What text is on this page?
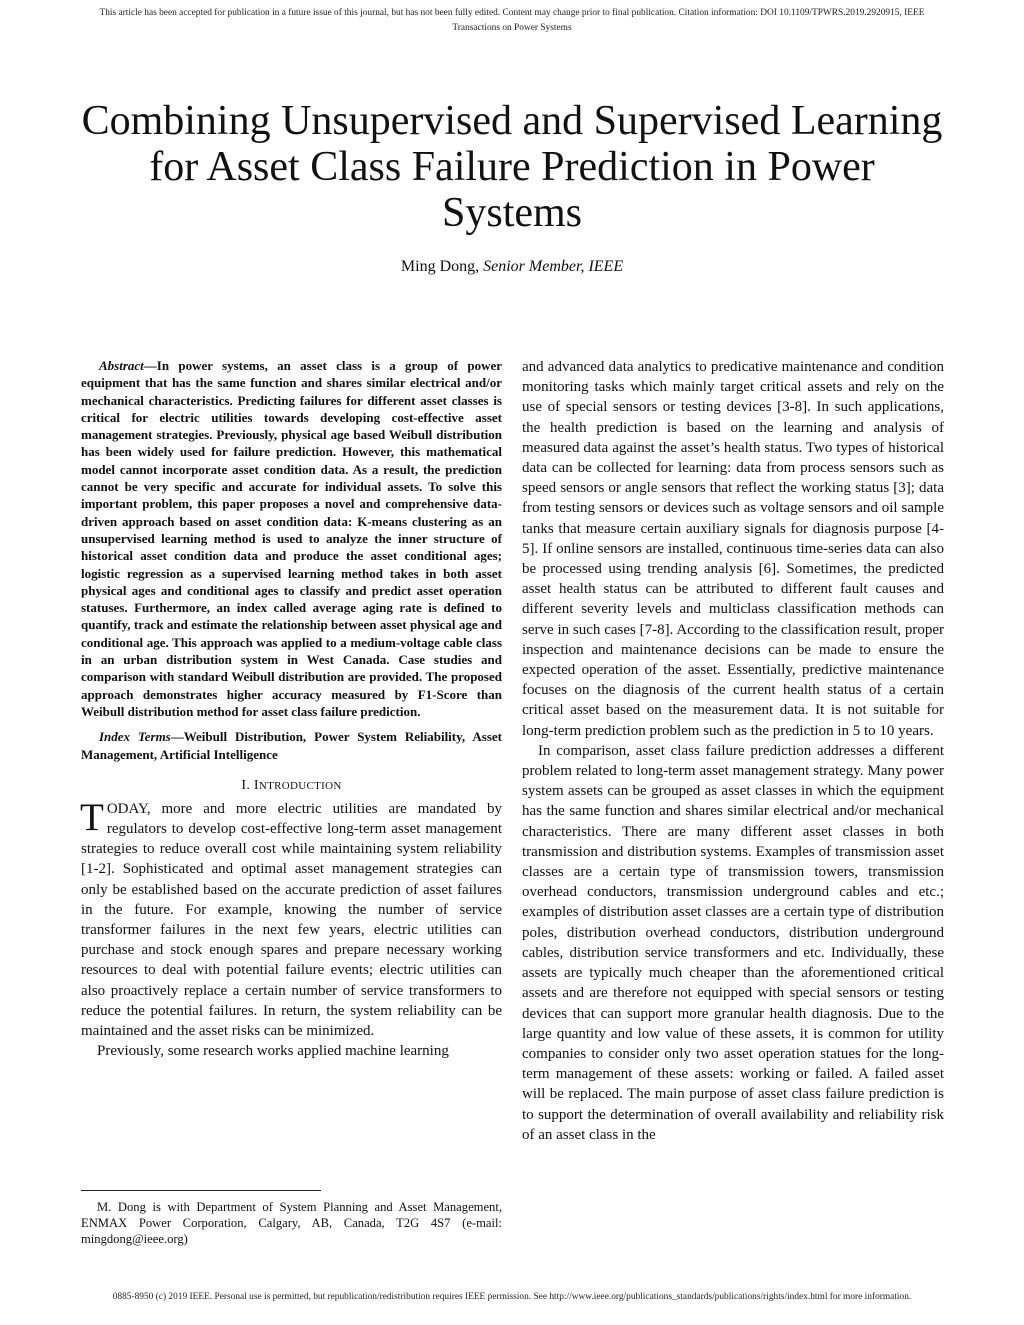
This article has been accepted for publication in a future issue of this journal, but has not been fully edited. Content may change prior to final publication. Citation information: DOI 10.1109/TPWRS.2019.2920915, IEEE
Transactions on Power Systems
Combining Unsupervised and Supervised Learning for Asset Class Failure Prediction in Power Systems
Ming Dong, Senior Member, IEEE

Abstract—In power systems, an asset class is a group of power equipment that has the same function and shares similar electrical and/or mechanical characteristics. Predicting failures for different asset classes is critical for electric utilities towards developing cost-effective asset management strategies. Previously, physical age based Weibull distribution has been widely used for failure prediction. However, this mathematical model cannot incorporate asset condition data. As a result, the prediction cannot be very specific and accurate for individual assets. To solve this important problem, this paper proposes a novel and comprehensive data-driven approach based on asset condition data: K-means clustering as an unsupervised learning method is used to analyze the inner structure of historical asset condition data and produce the asset conditional ages; logistic regression as a supervised learning method takes in both asset physical ages and conditional ages to classify and predict asset operation statuses. Furthermore, an index called average aging rate is defined to quantify, track and estimate the relationship between asset physical age and conditional age. This approach was applied to a medium-voltage cable class in an urban distribution system in West Canada. Case studies and comparison with standard Weibull distribution are provided. The proposed approach demonstrates higher accuracy measured by F1-Score than Weibull distribution method for asset class failure prediction.

Index Terms—Weibull Distribution, Power System Reliability, Asset Management, Artificial Intelligence

I. INTRODUCTION

TODAY, more and more electric utilities are mandated by regulators to develop cost-effective long-term asset management strategies to reduce overall cost while maintaining system reliability [1-2]. Sophisticated and optimal asset management strategies can only be established based on the accurate prediction of asset failures in the future. For example, knowing the number of service transformer failures in the next few years, electric utilities can purchase and stock enough spares and prepare necessary working resources to deal with potential failure events; electric utilities can also proactively replace a certain number of service transformers to reduce the potential failures. In return, the system reliability can be maintained and the asset risks can be minimized.

Previously, some research works applied machine learning

and advanced data analytics to predicative maintenance and condition monitoring tasks which mainly target critical assets and rely on the use of special sensors or testing devices [3-8]. In such applications, the health prediction is based on the learning and analysis of measured data against the asset’s health status. Two types of historical data can be collected for learning: data from process sensors such as speed sensors or angle sensors that reflect the working status [3]; data from testing sensors or devices such as voltage sensors and oil sample tanks that measure certain auxiliary signals for diagnosis purpose [4-5]. If online sensors are installed, continuous time-series data can also be processed using trending analysis [6]. Sometimes, the predicted asset health status can be attributed to different fault causes and different severity levels and multiclass classification methods can serve in such cases [7-8]. According to the classification result, proper inspection and maintenance decisions can be made to ensure the expected operation of the asset. Essentially, predictive maintenance focuses on the diagnosis of the current health status of a certain critical asset based on the measurement data. It is not suitable for long-term prediction problem such as the prediction in 5 to 10 years.

In comparison, asset class failure prediction addresses a different problem related to long-term asset management strategy. Many power system assets can be grouped as asset classes in which the equipment has the same function and shares similar electrical and/or mechanical characteristics. There are many different asset classes in both transmission and distribution systems. Examples of transmission asset classes are a certain type of transmission towers, transmission overhead conductors, transmission underground cables and etc.; examples of distribution asset classes are a certain type of distribution poles, distribution overhead conductors, distribution underground cables, distribution service transformers and etc. Individually, these assets are typically much cheaper than the aforementioned critical assets and are therefore not equipped with special sensors or testing devices that can support more granular health diagnosis. Due to the large quantity and low value of these assets, it is common for utility companies to consider only two asset operation statues for the long-term management of these assets: working or failed. A failed asset will be replaced. The main purpose of asset class failure prediction is to support the determination of overall availability and reliability risk of an asset class in the

M. Dong is with Department of System Planning and Asset Management, ENMAX Power Corporation, Calgary, AB, Canada, T2G 4S7 (e-mail: mingdong@ieee.org)

0885-8950 (c) 2019 IEEE. Personal use is permitted, but republication/redistribution requires IEEE permission. See http://www.ieee.org/publications_standards/publications/rights/index.html for more information.
